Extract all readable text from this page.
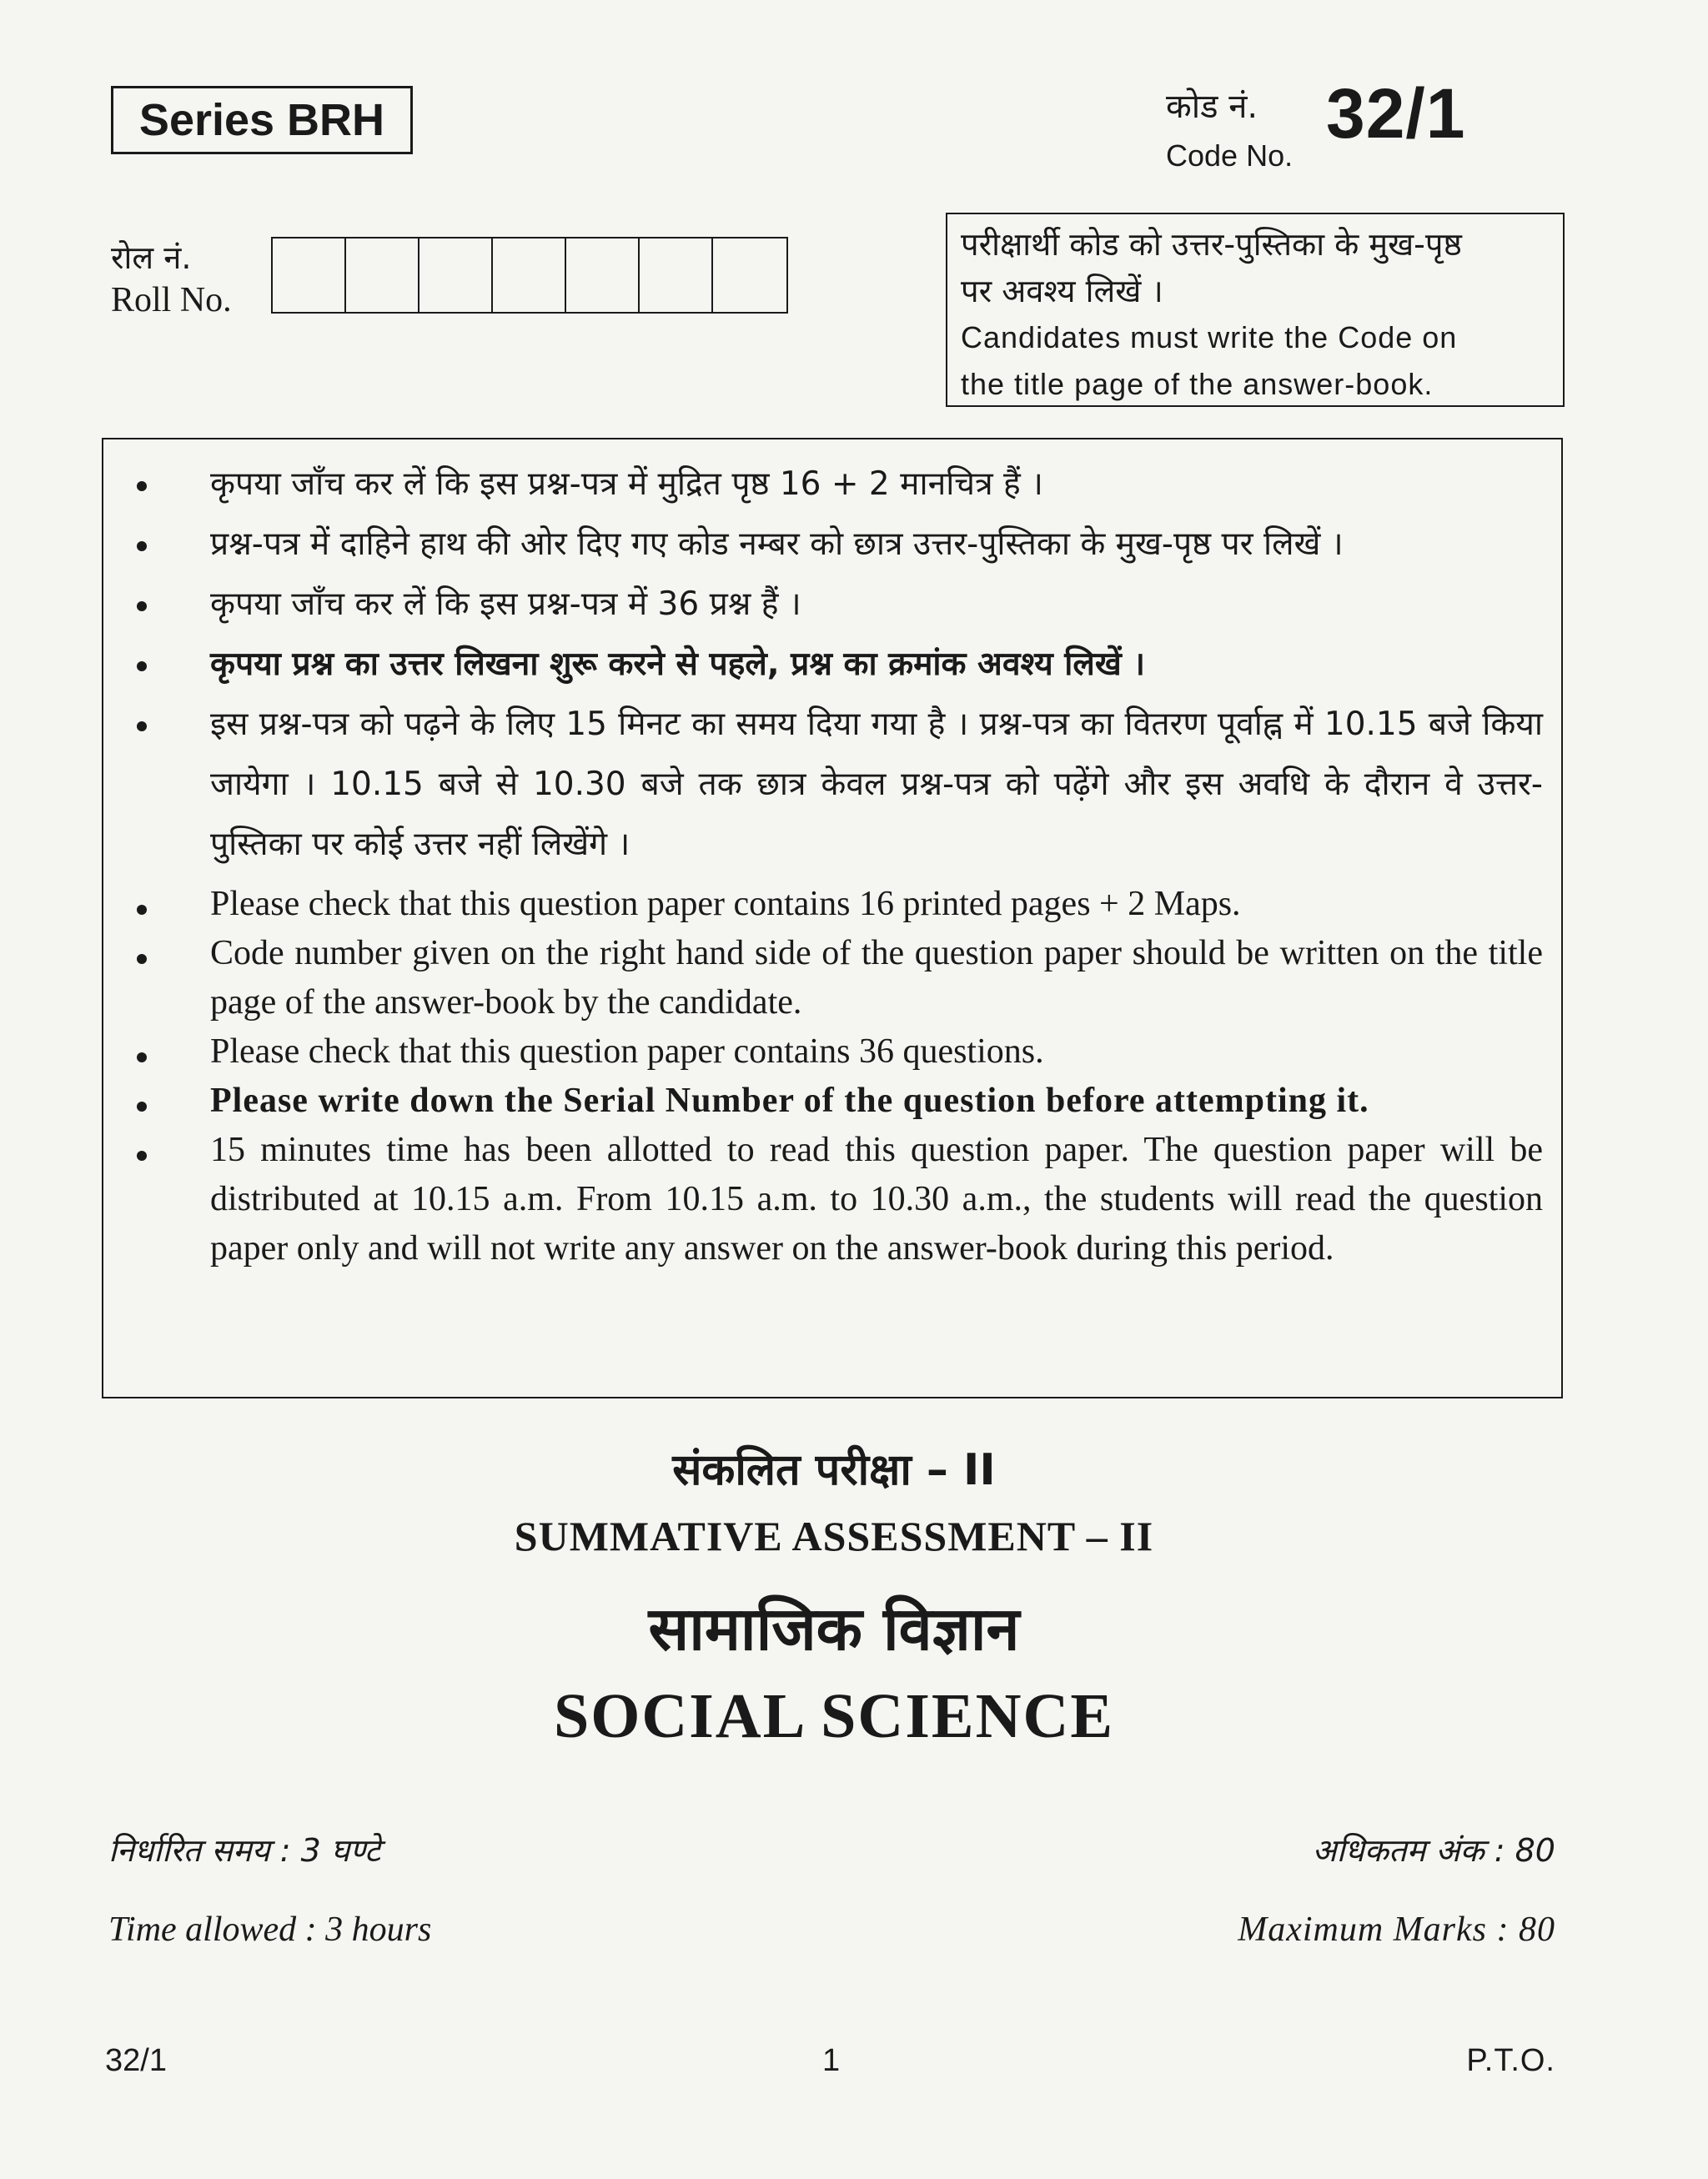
Series BRH	कोड नं. 32/1
Code No.
रोल नं.
Roll No.
परीक्षार्थी कोड को उत्तर-पुस्तिका के मुख-पृष्ठ
पर अवश्य लिखें ।
Candidates must write the Code on
the title page of the answer-book.
कृपया जाँच कर लें कि इस प्रश्न-पत्र में मुद्रित पृष्ठ 16 + 2 मानचित्र हैं ।
प्रश्न-पत्र में दाहिने हाथ की ओर दिए गए कोड नम्बर को छात्र उत्तर-पुस्तिका के मुख-पृष्ठ पर लिखें ।
कृपया जाँच कर लें कि इस प्रश्न-पत्र में 36 प्रश्न हैं ।
कृपया प्रश्न का उत्तर लिखना शुरू करने से पहले, प्रश्न का क्रमांक अवश्य लिखें ।
इस प्रश्न-पत्र को पढ़ने के लिए 15 मिनट का समय दिया गया है । प्रश्न-पत्र का वितरण पूर्वाह्न में 10.15 बजे किया जायेगा । 10.15 बजे से 10.30 बजे तक छात्र केवल प्रश्न-पत्र को पढ़ेंगे और इस अवधि के दौरान वे उत्तर-पुस्तिका पर कोई उत्तर नहीं लिखेंगे ।
Please check that this question paper contains 16 printed pages + 2 Maps.
Code number given on the right hand side of the question paper should be written on the title page of the answer-book by the candidate.
Please check that this question paper contains 36 questions.
Please write down the Serial Number of the question before attempting it.
15 minutes time has been allotted to read this question paper. The question paper will be distributed at 10.15 a.m. From 10.15 a.m. to 10.30 a.m., the students will read the question paper only and will not write any answer on the answer-book during this period.
संकलित परीक्षा – II
SUMMATIVE ASSESSMENT – II
सामाजिक विज्ञान
SOCIAL SCIENCE
निर्धारित समय : 3 घण्टे	अधिकतम अंक : 80
Time allowed : 3 hours	Maximum Marks : 80
32/1	1	P.T.O.
